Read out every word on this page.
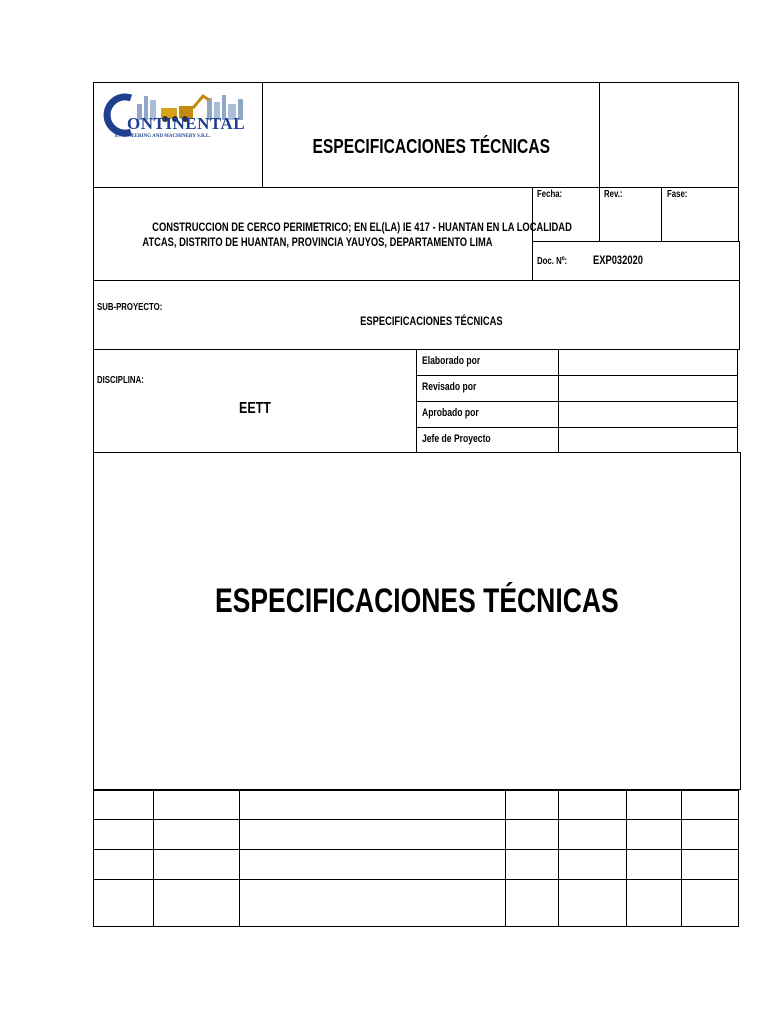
ONTINENTAL
ENGINEERING AND MACHINERY S.R.L.	ESPECIFICACIONES TÉCNICAS
CONSTRUCCION DE CERCO PERIMETRICO; EN EL(LA) IE 417 - HUANTAN EN LA LOCALIDAD
ATCAS, DISTRITO DE HUANTAN, PROVINCIA YAUYOS, DEPARTAMENTO LIMA
Fecha:	Rev.:	Fase:
Doc. Nº:	EXP032020
SUB-PROYECTO:
ESPECIFICACIONES TÉCNICAS
DISCIPLINA:
EETT
Elaborado por
Revisado por
Aprobado por
Jefe de Proyecto
ESPECIFICACIONES TÉCNICAS
